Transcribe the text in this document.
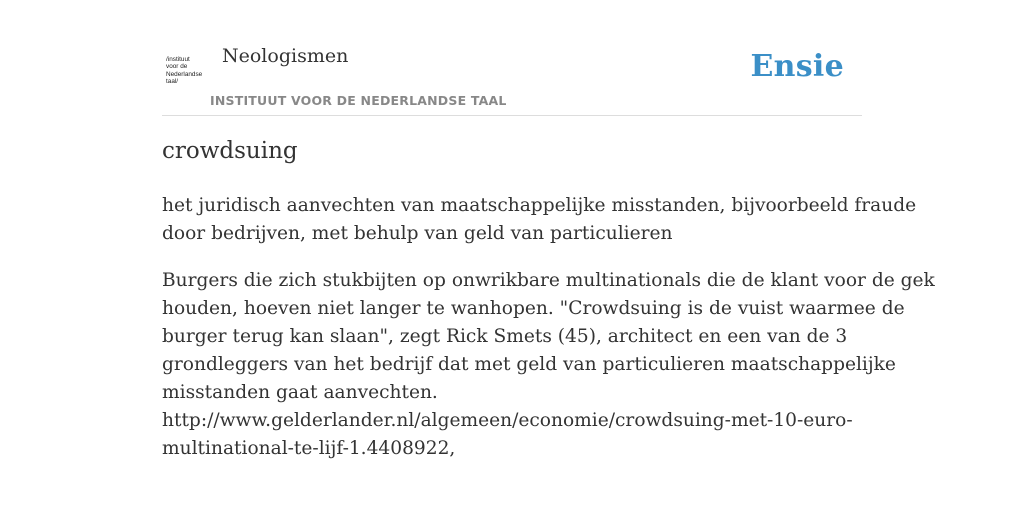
/instituut
voor de
Nederlandse
taal/
Neologismen
INSTITUUT VOOR DE NEDERLANDSE TAAL
Ensie
crowdsuing
het juridisch aanvechten van maatschappelijke misstanden, bijvoorbeeld fraude
door bedrijven, met behulp van geld van particulieren
Burgers die zich stukbijten op onwrikbare multinationals die de klant voor de gek
houden, hoeven niet langer te wanhopen. "Crowdsuing is de vuist waarmee de
burger terug kan slaan", zegt Rick Smets (45), architect en een van de 3
grondleggers van het bedrijf dat met geld van particulieren maatschappelijke
misstanden gaat aanvechten.
http://www.gelderlander.nl/algemeen/economie/crowdsuing-met-10-euro-
multinational-te-lijf-1.4408922,
